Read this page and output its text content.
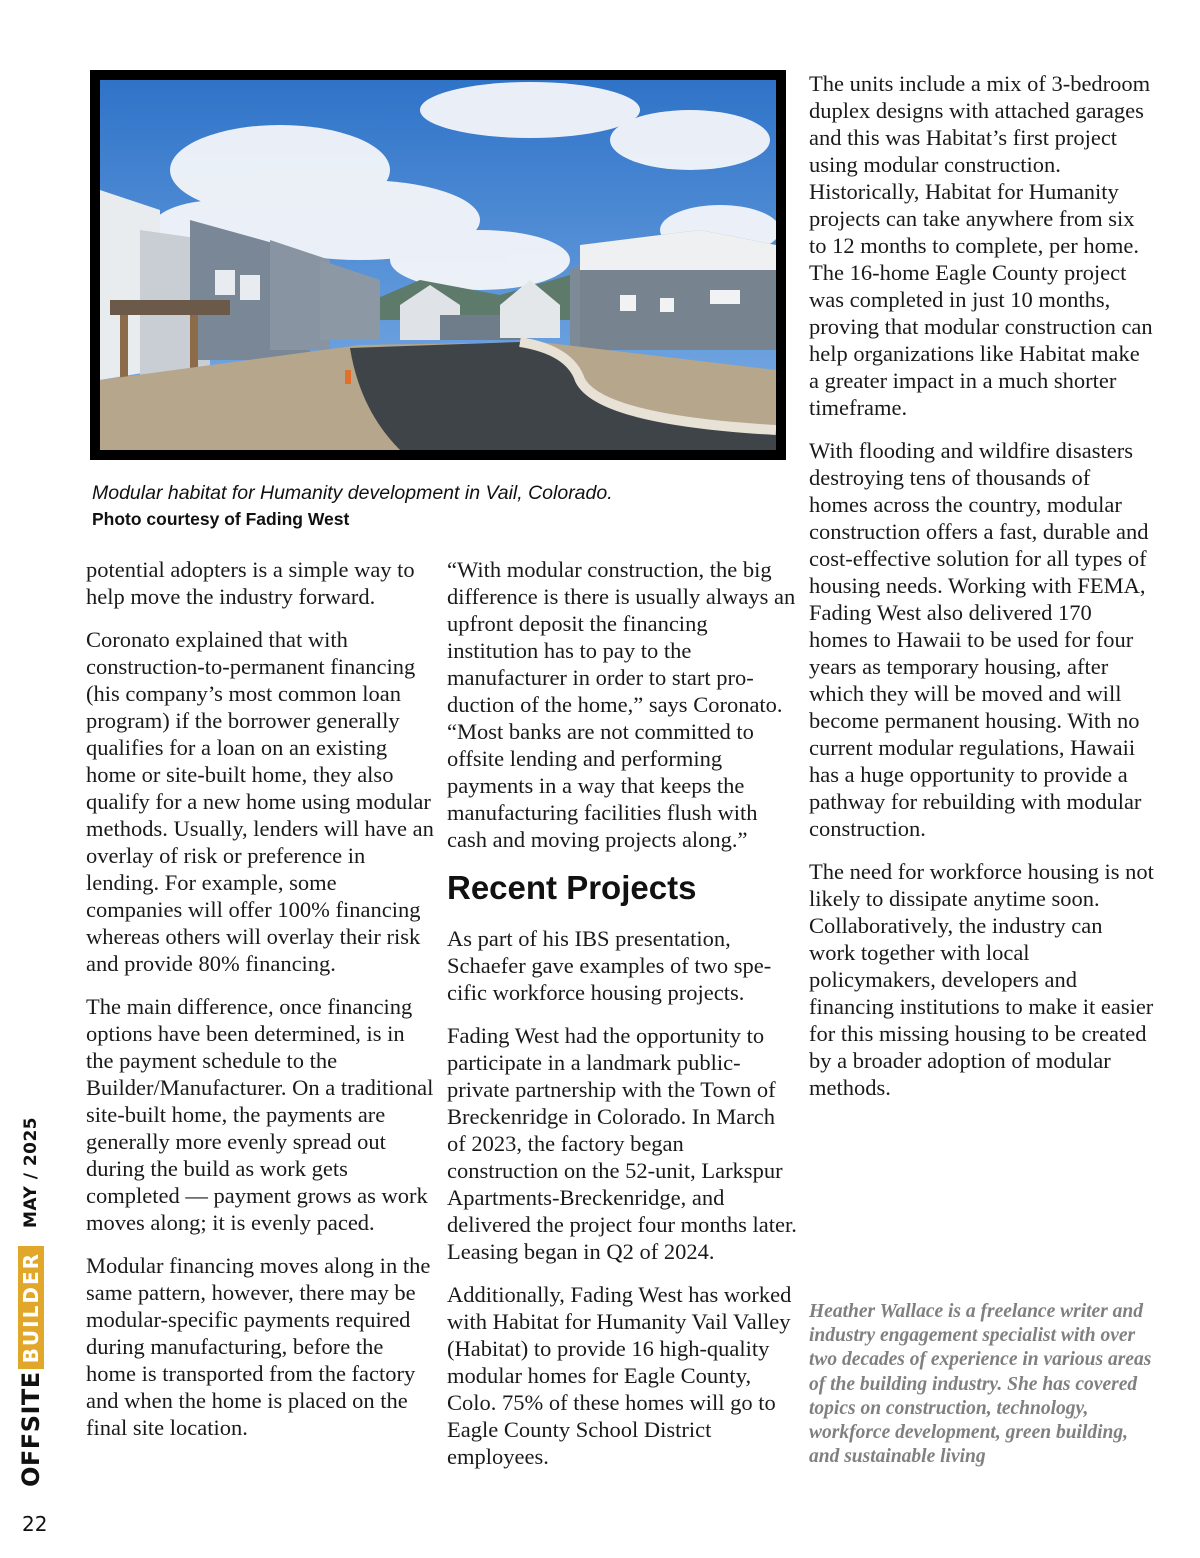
Modular habitat for Humanity development in Vail, Colorado.
Photo courtesy of Fading West

potential adopters is a simple way to help move the industry forward.

Coronato explained that with construction-to-permanent financing (his company’s most common loan program) if the borrower generally qualifies for a loan on an existing home or site-built home, they also qualify for a new home using modular methods. Usually, lenders will have an overlay of risk or preference in lending. For example, some companies will offer 100% financing whereas others will overlay their risk and provide 80% financing.

The main difference, once financing options have been determined, is in the payment schedule to the Builder/Manufacturer. On a traditional site-built home, the payments are generally more evenly spread out during the build as work gets completed — payment grows as work moves along; it is evenly paced.

Modular financing moves along in the same pattern, however, there may be modular-specific payments required during manufacturing, before the home is transported from the factory and when the home is placed on the final site location.

“With modular construction, the big difference is there is usually always an upfront deposit the financing institution has to pay to the manufacturer in order to start production of the home,” says Coronato. “Most banks are not committed to offsite lending and performing payments in a way that keeps the manufacturing facilities flush with cash and moving projects along.”

Recent Projects

As part of his IBS presentation, Schaefer gave examples of two specific workforce housing projects.

Fading West had the opportunity to participate in a landmark public-private partnership with the Town of Breckenridge in Colorado. In March of 2023, the factory began construction on the 52-unit, Larkspur Apartments-Breckenridge, and delivered the project four months later. Leasing began in Q2 of 2024.

Additionally, Fading West has worked with Habitat for Humanity Vail Valley (Habitat) to provide 16 high-quality modular homes for Eagle County, Colo. 75% of these homes will go to Eagle County School District employees.

The units include a mix of 3-bedroom duplex designs with attached garages and this was Habitat’s first project using modular construction. Historically, Habitat for Humanity projects can take anywhere from six to 12 months to complete, per home. The 16-home Eagle County project was completed in just 10 months, proving that modular construction can help organizations like Habitat make a greater impact in a much shorter timeframe.

With flooding and wildfire disasters destroying tens of thousands of homes across the country, modular construction offers a fast, durable and cost-effective solution for all types of housing needs. Working with FEMA, Fading West also delivered 170 homes to Hawaii to be used for four years as temporary housing, after which they will be moved and will become permanent housing. With no current modular regulations, Hawaii has a huge opportunity to provide a pathway for rebuilding with modular construction.

The need for workforce housing is not likely to dissipate anytime soon. Collaboratively, the industry can work together with local policymakers, developers and financing institutions to make it easier for this missing housing to be created by a broader adoption of modular methods.

Heather Wallace is a freelance writer and industry engagement specialist with over two decades of experience in various areas of the building industry. She has covered topics on construction, technology, workforce development, green building, and sustainable living
OFFSITE
BUILDER
MAY / 2025
22
